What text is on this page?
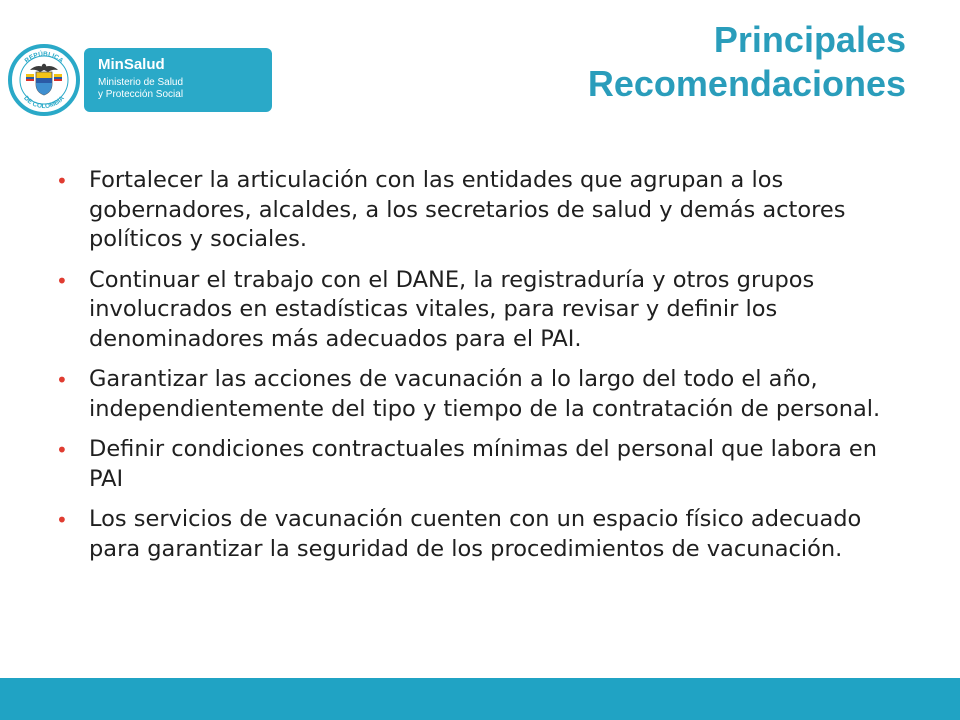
REPÚBLICA
DE COLOMBIA
MinSalud
Ministerio de Salud
y Protección Social
Principales
Recomendaciones
• Fortalecer la articulación con las entidades que agrupan a los gobernadores, alcaldes, a los secretarios de salud y demás actores políticos y sociales.
• Continuar el trabajo con el DANE, la registraduría y otros grupos involucrados en estadísticas vitales, para revisar y definir los denominadores más adecuados para el PAI.
• Garantizar las acciones de vacunación a lo largo del todo el año, independientemente del tipo y tiempo de la contratación de personal.
• Definir condiciones contractuales mínimas del personal que labora en PAI
• Los servicios de vacunación cuenten con un espacio físico adecuado para garantizar la seguridad de los procedimientos de vacunación.
